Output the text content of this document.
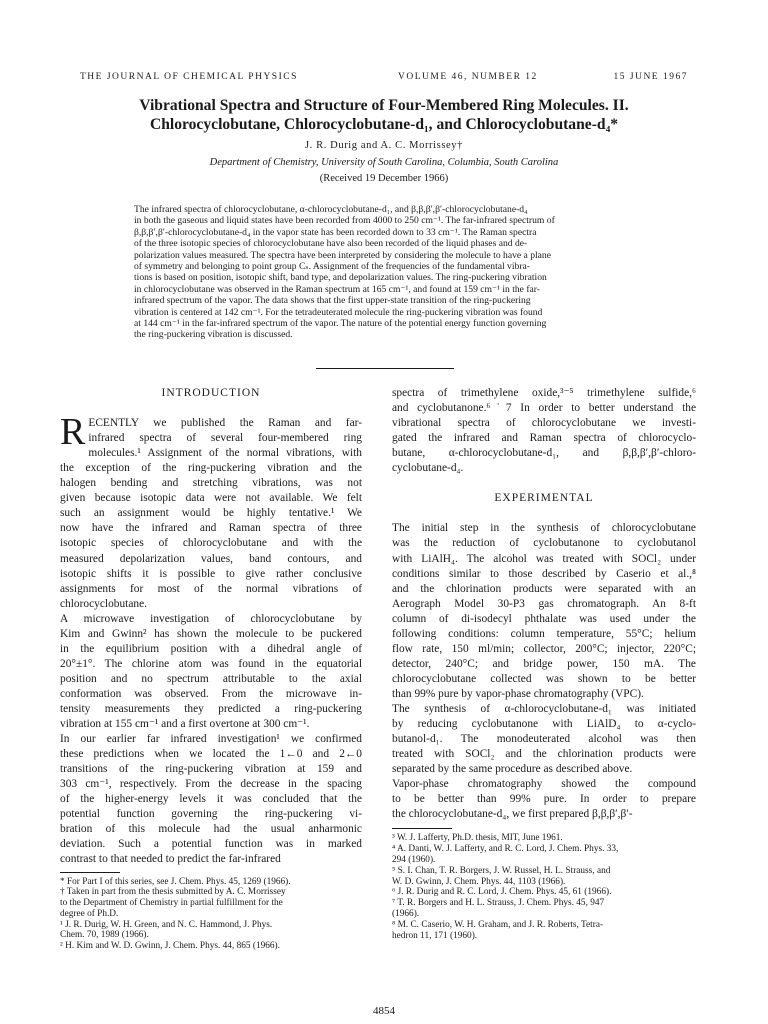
THE JOURNAL OF CHEMICAL PHYSICS	VOLUME 46, NUMBER 12	15 JUNE 1967
Vibrational Spectra and Structure of Four-Membered Ring Molecules. II.
Chlorocyclobutane, Chlorocyclobutane-d₁, and Chlorocyclobutane-d₄*
J. R. Durig and A. C. Morrissey†
Department of Chemistry, University of South Carolina, Columbia, South Carolina
(Received 19 December 1966)
The infrared spectra of chlorocyclobutane, α-chlorocyclobutane-d₁, and β,β,β′,β′-chlorocyclobutane-d₄
in both the gaseous and liquid states have been recorded from 4000 to 250 cm⁻¹. The far-infrared spectrum of
β,β,β′,β′-chlorocyclobutane-d₄ in the vapor state has been recorded down to 33 cm⁻¹. The Raman spectra
of the three isotopic species of chlorocyclobutane have also been recorded of the liquid phases and de-
polarization values measured. The spectra have been interpreted by considering the molecule to have a plane
of symmetry and belonging to point group Cₛ. Assignment of the frequencies of the fundamental vibra-
tions is based on position, isotopic shift, band type, and depolarization values. The ring-puckering vibration
in chlorocyclobutane was observed in the Raman spectrum at 165 cm⁻¹, and found at 159 cm⁻¹ in the far-
infrared spectrum of the vapor. The data shows that the first upper-state transition of the ring-puckering
vibration is centered at 142 cm⁻¹. For the tetradeuterated molecule the ring-puckering vibration was found
at 144 cm⁻¹ in the far-infrared spectrum of the vapor. The nature of the potential energy function governing
the ring-puckering vibration is discussed.
INTRODUCTION
R ECENTLY we published the Raman and far-
infrared spectra of several four-membered ring
molecules.¹ Assignment of the normal vibrations, with
the exception of the ring-puckering vibration and the
halogen bending and stretching vibrations, was not
given because isotopic data were not available. We felt
such an assignment would be highly tentative.¹ We
now have the infrared and Raman spectra of three
isotopic species of chlorocyclobutane and with the
measured depolarization values, band contours, and
isotopic shifts it is possible to give rather conclusive
assignments for most of the normal vibrations of
chlorocyclobutane.
A microwave investigation of chlorocyclobutane by
Kim and Gwinn² has shown the molecule to be puckered
in the equilibrium position with a dihedral angle of
20°±1°. The chlorine atom was found in the equatorial
position and no spectrum attributable to the axial
conformation was observed. From the microwave in-
tensity measurements they predicted a ring-puckering
vibration at 155 cm⁻¹ and a first overtone at 300 cm⁻¹.
In our earlier far infrared investigation¹ we confirmed
these predictions when we located the 1←0 and 2←0
transitions of the ring-puckering vibration at 159 and
303 cm⁻¹, respectively. From the decrease in the spacing
of the higher-energy levels it was concluded that the
potential function governing the ring-puckering vi-
bration of this molecule had the usual anharmonic
deviation. Such a potential function was in marked
contrast to that needed to predict the far-infrared
* For Part I of this series, see J. Chem. Phys. 45, 1269 (1966).
† Taken in part from the thesis submitted by A. C. Morrissey
to the Department of Chemistry in partial fulfillment for the
degree of Ph.D.
¹ J. R. Durig, W. H. Green, and N. C. Hammond, J. Phys.
Chem. 70, 1989 (1966).
² H. Kim and W. D. Gwinn, J. Chem. Phys. 44, 865 (1966).
spectra of trimethylene oxide,³⁻⁵ trimethylene sulfide,⁶
and cyclobutanone.⁶˙7 In order to better understand the
vibrational spectra of chlorocyclobutane we investi-
gated the infrared and Raman spectra of chlorocyclo-
butane, α-chlorocyclobutane-d₁, and β,β,β′,β′-chloro-
cyclobutane-d₄.
EXPERIMENTAL
The initial step in the synthesis of chlorocyclobutane
was the reduction of cyclobutanone to cyclobutanol
with LiAlH₄. The alcohol was treated with SOCl₂ under
conditions similar to those described by Caserio et al.,⁸
and the chlorination products were separated with an
Aerograph Model 30-P3 gas chromatograph. An 8-ft
column of di-isodecyl phthalate was used under the
following conditions: column temperature, 55°C; helium
flow rate, 150 ml/min; collector, 200°C; injector, 220°C;
detector, 240°C; and bridge power, 150 mA. The
chlorocyclobutane collected was shown to be better
than 99% pure by vapor-phase chromatography (VPC).
The synthesis of α-chlorocyclobutane-d₁ was initiated
by reducing cyclobutanone with LiAlD₄ to α-cyclo-
butanol-d₁. The monodeuterated alcohol was then
treated with SOCl₂ and the chlorination products were
separated by the same procedure as described above.
Vapor-phase chromatography showed the compound
to be better than 99% pure. In order to prepare
the chlorocyclobutane-d₄, we first prepared β,β,β′,β′-
³ W. J. Lafferty, Ph.D. thesis, MIT, June 1961.
⁴ A. Danti, W. J. Lafferty, and R. C. Lord, J. Chem. Phys. 33,
294 (1960).
⁵ S. I. Chan, T. R. Borgers, J. W. Russel, H. L. Strauss, and
W. D. Gwinn, J. Chem. Phys. 44, 1103 (1966).
⁶ J. R. Durig and R. C. Lord, J. Chem. Phys. 45, 61 (1966).
⁷ T. R. Borgers and H. L. Strauss, J. Chem. Phys. 45, 947
(1966).
⁸ M. C. Caserio, W. H. Graham, and J. R. Roberts, Tetra-
hedron 11, 171 (1960).
4854
